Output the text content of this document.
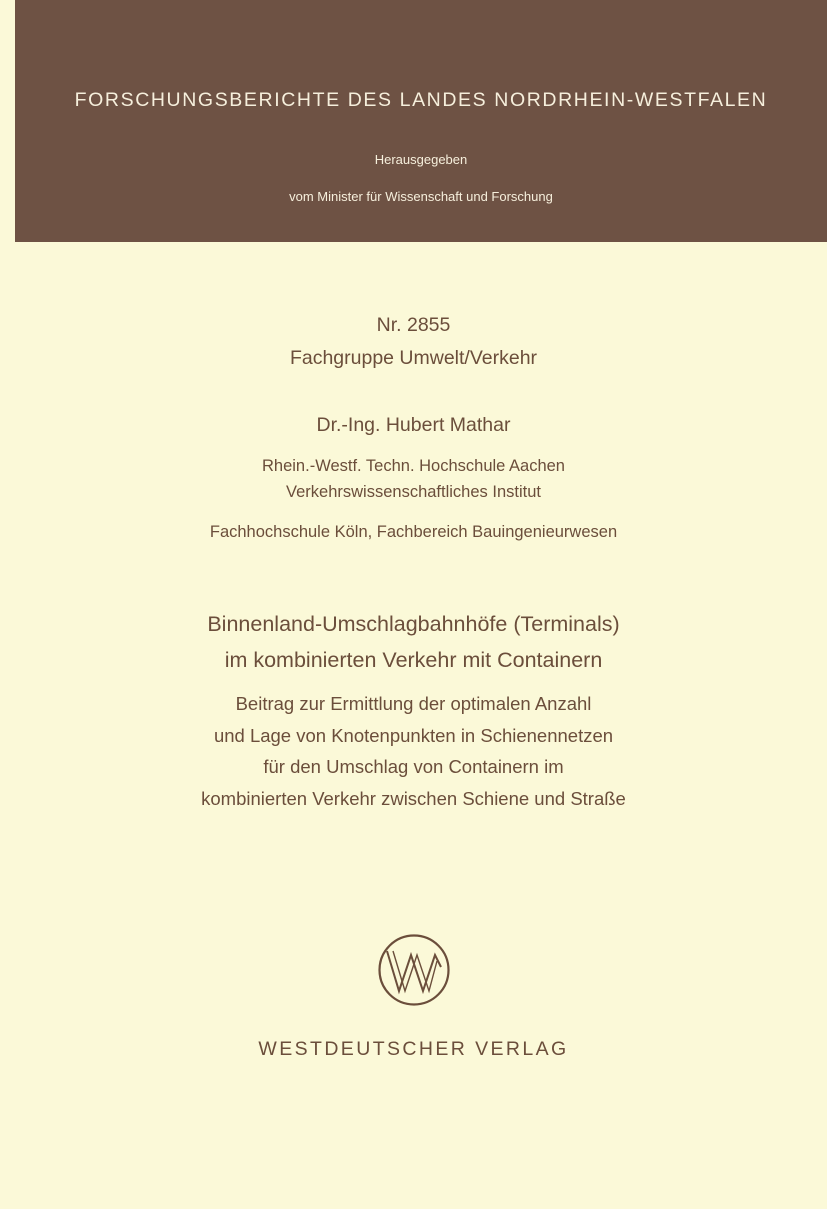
FORSCHUNGSBERICHTE DES LANDES NORDRHEIN-WESTFALEN
Herausgegeben
vom Minister für Wissenschaft und Forschung
Nr. 2855
Fachgruppe Umwelt/Verkehr
Dr.-Ing. Hubert Mathar
Rhein.-Westf. Techn. Hochschule Aachen
Verkehrswissenschaftliches Institut
Fachhochschule Köln, Fachbereich Bauingenieurwesen
Binnenland-Umschlagbahnhöfe (Terminals)
im kombinierten Verkehr mit Containern
Beitrag zur Ermittlung der optimalen Anzahl
und Lage von Knotenpunkten in Schienennetzen
für den Umschlag von Containern im
kombinierten Verkehr zwischen Schiene und Straße
WESTDEUTSCHER VERLAG
